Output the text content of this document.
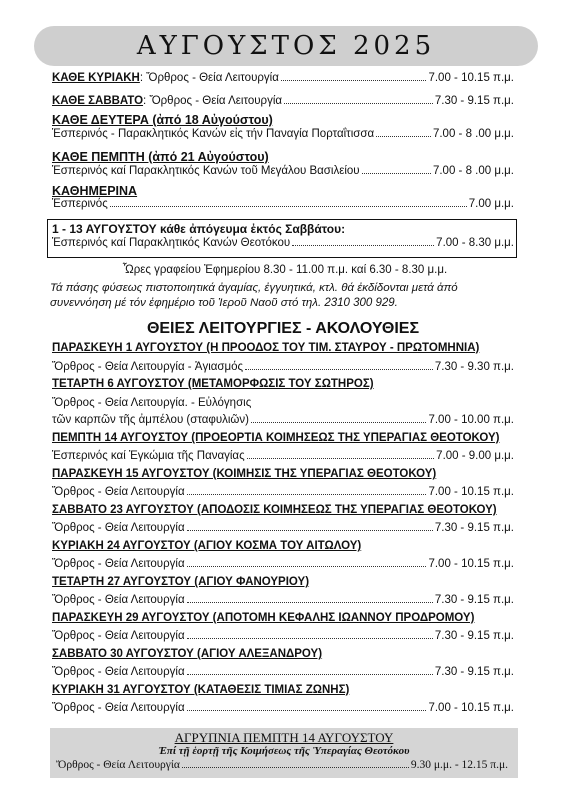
ΑΥΓΟΥΣΤΟΣ 2025
ΚΑΘΕ ΚΥΡΙΑΚΗ: Ὄρθρος - Θεία Λειτουργία	7.00 - 10.15 π.μ.
ΚΑΘΕ ΣΑΒΒΑΤΟ: Ὄρθρος - Θεία Λειτουργία	7.30 - 9.15 π.μ.
ΚΑΘΕ ΔΕΥΤΕΡΑ (ἀπό 18 Αὐγούστου)
Ἑσπερινός - Παρακλητικός Κανών εἰς τήν Παναγία Πορταΐτισσα	7.00 - 8 .00 μ.μ.
ΚΑΘΕ ΠΕΜΠΤΗ (ἀπό 21 Αὐγούστου)
Ἑσπερινός καί Παρακλητικός Κανών τοῦ Μεγάλου Βασιλείου	7.00 - 8 .00 μ.μ.
ΚΑΘΗΜΕΡΙΝΑ
Ἑσπερινός	7.00 μ.μ.
1 - 13 ΑΥΓΟΥΣΤΟΥ κάθε ἀπόγευμα ἐκτός Σαββάτου:
Ἑσπερινός καί Παρακλητικός Κανών Θεοτόκου	7.00 - 8.30 μ.μ.
Ὧρες γραφείου Ἐφημερίου 8.30 - 11.00 π.μ. καί 6.30 - 8.30 μ.μ.
Τά πάσης φύσεως πιστοποιητικά ἀγαμίας, ἐγγυητικά, κτλ. θά ἐκδίδονται μετά ἀπό συνεννόηση μέ τόν ἐφημέριο τοῦ Ἱεροῦ Ναοῦ στό τηλ. 2310 300 929.
ΘΕΙΕΣ ΛΕΙΤΟΥΡΓΙΕΣ - ΑΚΟΛΟΥΘΙΕΣ
ΠΑΡΑΣΚΕΥΗ 1 ΑΥΓΟΥΣΤΟΥ (Η ΠΡΟΟΔΟΣ ΤΟΥ ΤΙΜ. ΣΤΑΥΡΟΥ - ΠΡΩΤΟΜΗΝΙΑ)
Ὄρθρος - Θεία Λειτουργία - Ἁγιασμός	7.30 - 9.30 π.μ.
ΤΕΤΑΡΤΗ 6 ΑΥΓΟΥΣΤΟΥ (ΜΕΤΑΜΟΡΦΩΣΙΣ ΤΟΥ ΣΩΤΗΡΟΣ)
Ὄρθρος - Θεία Λειτουργία. - Εὐλόγησις
τῶν καρπῶν τῆς ἀμπέλου (σταφυλιῶν)	7.00 - 10.00 π.μ.
ΠΕΜΠΤΗ 14 ΑΥΓΟΥΣΤΟΥ (ΠΡΟΕΟΡΤΙΑ ΚΟΙΜΗΣΕΩΣ ΤΗΣ ΥΠΕΡΑΓΙΑΣ ΘΕΟΤΟΚΟΥ)
Ἑσπερινός καί Ἐγκώμια τῆς Παναγίας	7.00 - 9.00 μ.μ.
ΠΑΡΑΣΚΕΥΗ 15 ΑΥΓΟΥΣΤΟΥ (ΚΟΙΜΗΣΙΣ ΤΗΣ ΥΠΕΡΑΓΙΑΣ ΘΕΟΤΟΚΟΥ)
Ὄρθρος - Θεία Λειτουργία	7.00 - 10.15 π.μ.
ΣΑΒΒΑΤΟ 23 ΑΥΓΟΥΣΤΟΥ (ΑΠΟΔΟΣΙΣ ΚΟΙΜΗΣΕΩΣ ΤΗΣ ΥΠΕΡΑΓΙΑΣ ΘΕΟΤΟΚΟΥ)
Ὄρθρος - Θεία Λειτουργία	7.30 - 9.15 π.μ.
ΚΥΡΙΑΚΗ 24 ΑΥΓΟΥΣΤΟΥ (ΑΓΙΟΥ ΚΟΣΜΑ ΤΟΥ ΑΙΤΩΛΟΥ)
Ὄρθρος - Θεία Λειτουργία	7.00 - 10.15 π.μ.
ΤΕΤΑΡΤΗ 27 ΑΥΓΟΥΣΤΟΥ (ΑΓΙΟΥ ΦΑΝΟΥΡΙΟΥ)
Ὄρθρος - Θεία Λειτουργία	7.30 - 9.15 π.μ.
ΠΑΡΑΣΚΕΥΗ 29 ΑΥΓΟΥΣΤΟΥ (ΑΠΟΤΟΜΗ ΚΕΦΑΛΗΣ ΙΩΑΝΝΟΥ ΠΡΟΔΡΟΜΟΥ)
Ὄρθρος - Θεία Λειτουργία	7.30 - 9.15 π.μ.
ΣΑΒΒΑΤΟ 30 ΑΥΓΟΥΣΤΟΥ (ΑΓΙΟΥ ΑΛΕΞΑΝΔΡΟΥ)
Ὄρθρος - Θεία Λειτουργία	7.30 - 9.15 π.μ.
ΚΥΡΙΑΚΗ 31 ΑΥΓΟΥΣΤΟΥ (ΚΑΤΑΘΕΣΙΣ ΤΙΜΙΑΣ ΖΩΝΗΣ)
Ὄρθρος - Θεία Λειτουργία	7.00 - 10.15 π.μ.
ΑΓΡΥΠΝΙΑ ΠΕΜΠΤΗ 14 ΑΥΓΟΥΣΤΟΥ
Ἐπί τῇ ἑορτῇ τῆς Κοιμήσεως τῆς Ὑπεραγίας Θεοτόκου
Ὄρθρος - Θεία Λειτουργία	9.30 μ.μ. - 12.15 π.μ.
